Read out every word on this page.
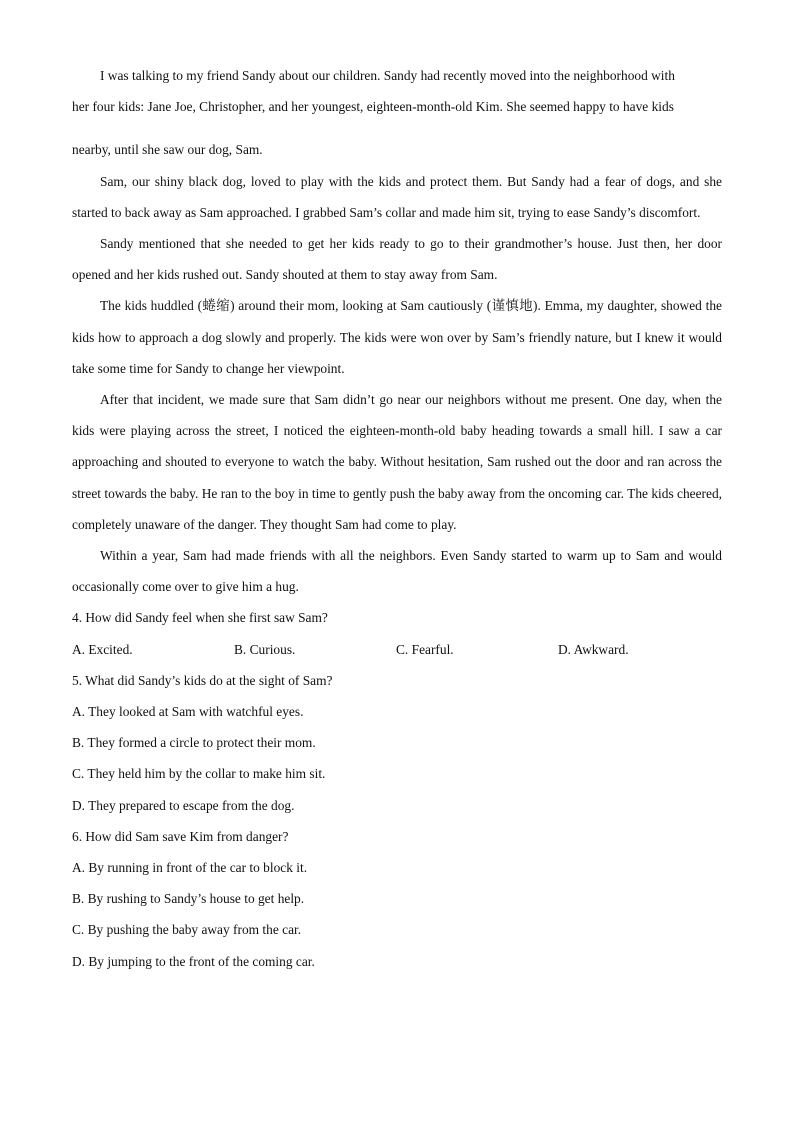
I was talking to my friend Sandy about our children. Sandy had recently moved into the neighborhood with
her four kids: Jane Joe, Christopher, and her youngest, eighteen-month-old Kim. She seemed happy to have kids
nearby, until she saw our dog, Sam.

Sam, our shiny black dog, loved to play with the kids and protect them. But Sandy had a fear of dogs, and she started to back away as Sam approached. I grabbed Sam’s collar and made him sit, trying to ease Sandy’s discomfort.

Sandy mentioned that she needed to get her kids ready to go to their grandmother’s house. Just then, her door opened and her kids rushed out. Sandy shouted at them to stay away from Sam.

The kids huddled (蜷缩) around their mom, looking at Sam cautiously (谨慎地). Emma, my daughter, showed the kids how to approach a dog slowly and properly. The kids were won over by Sam’s friendly nature, but I knew it would take some time for Sandy to change her viewpoint.

After that incident, we made sure that Sam didn’t go near our neighbors without me present. One day, when the kids were playing across the street, I noticed the eighteen-month-old baby heading towards a small hill. I saw a car approaching and shouted to everyone to watch the baby. Without hesitation, Sam rushed out the door and ran across the street towards the baby. He ran to the boy in time to gently push the baby away from the oncoming car. The kids cheered, completely unaware of the danger. They thought Sam had come to play.

Within a year, Sam had made friends with all the neighbors. Even Sandy started to warm up to Sam and would occasionally come over to give him a hug.

4. How did Sandy feel when she first saw Sam?

A. Excited.	B. Curious.	C. Fearful.	D. Awkward.

5. What did Sandy’s kids do at the sight of Sam?

A. They looked at Sam with watchful eyes.

B. They formed a circle to protect their mom.

C. They held him by the collar to make him sit.

D. They prepared to escape from the dog.

6. How did Sam save Kim from danger?

A. By running in front of the car to block it.

B. By rushing to Sandy’s house to get help.

C. By pushing the baby away from the car.

D. By jumping to the front of the coming car.
